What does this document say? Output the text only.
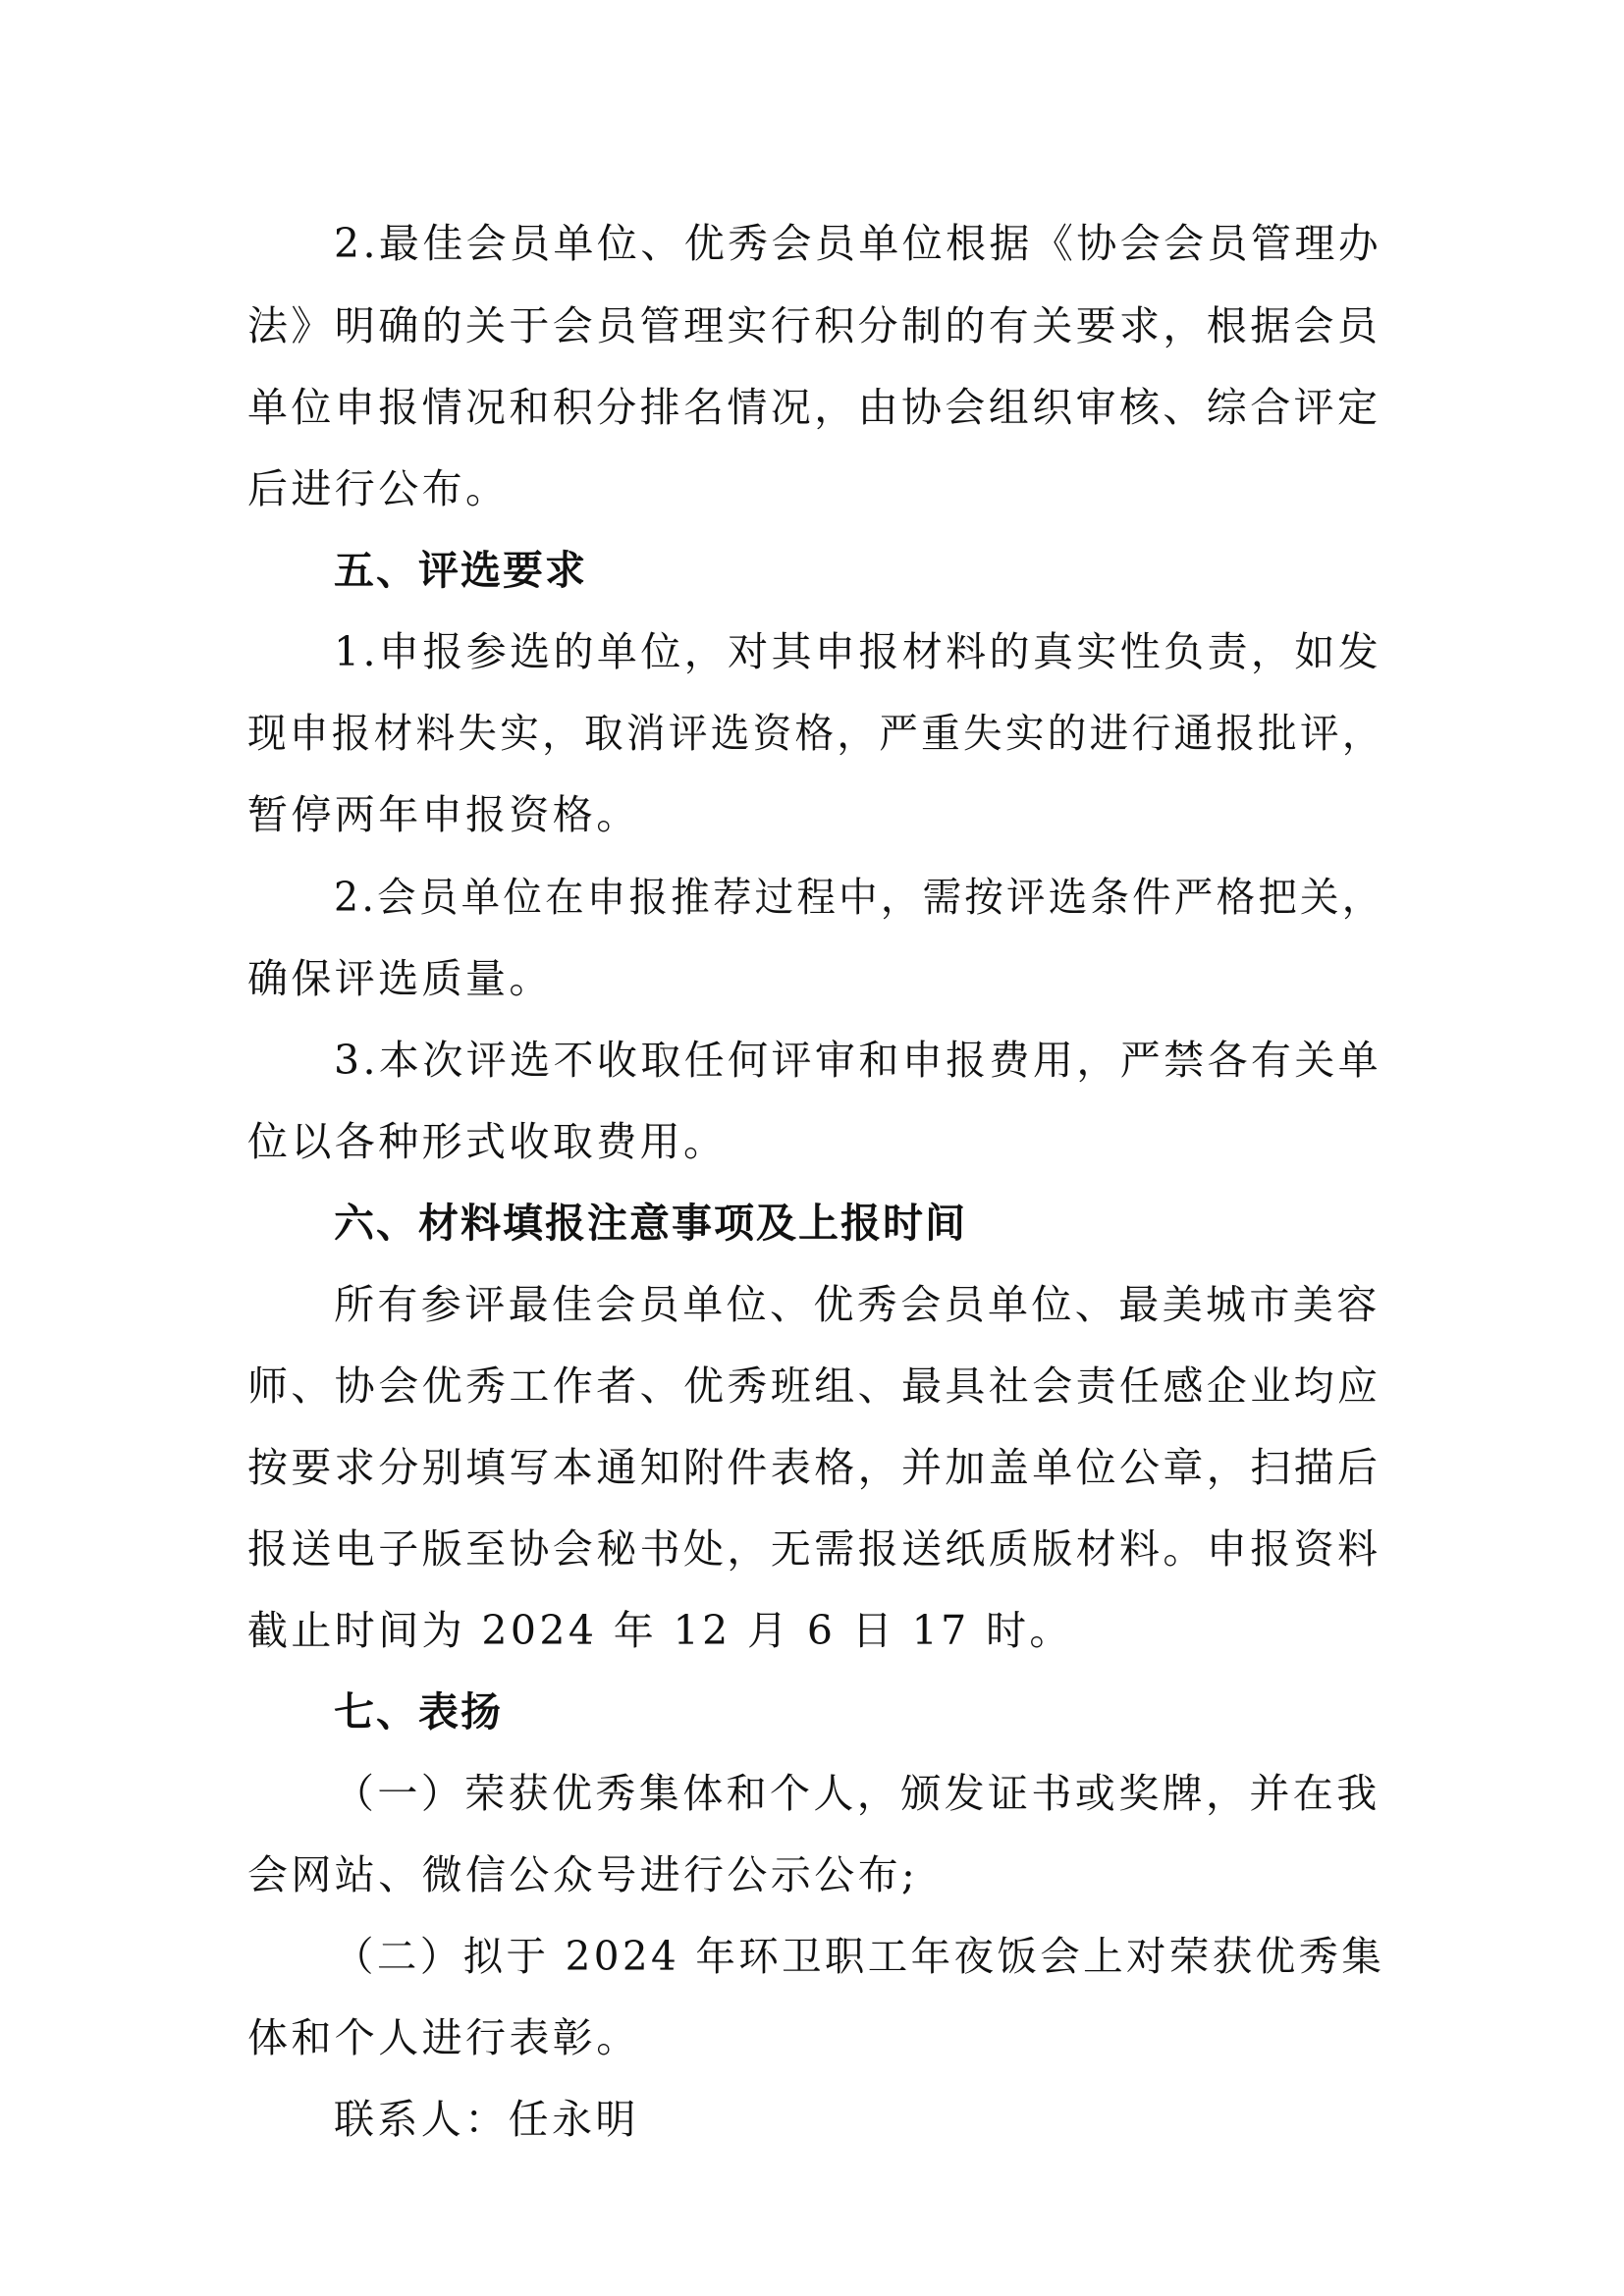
2.最佳会员单位、优秀会员单位根据《协会会员管理办
法》明确的关于会员管理实行积分制的有关要求，根据会员
单位申报情况和积分排名情况，由协会组织审核、综合评定
后进行公布。
五、评选要求
1.申报参选的单位，对其申报材料的真实性负责，如发
现申报材料失实，取消评选资格，严重失实的进行通报批评，
暂停两年申报资格。
2.会员单位在申报推荐过程中，需按评选条件严格把关，
确保评选质量。
3.本次评选不收取任何评审和申报费用，严禁各有关单
位以各种形式收取费用。
六、材料填报注意事项及上报时间
所有参评最佳会员单位、优秀会员单位、最美城市美容
师、协会优秀工作者、优秀班组、最具社会责任感企业均应
按要求分别填写本通知附件表格，并加盖单位公章，扫描后
报送电子版至协会秘书处，无需报送纸质版材料。申报资料
截止时间为 2024 年 12 月 6 日 17 时。
七、表扬
（一）荣获优秀集体和个人，颁发证书或奖牌，并在我
会网站、微信公众号进行公示公布;
（二）拟于 2024 年环卫职工年夜饭会上对荣获优秀集
体和个人进行表彰。
联系人：任永明
